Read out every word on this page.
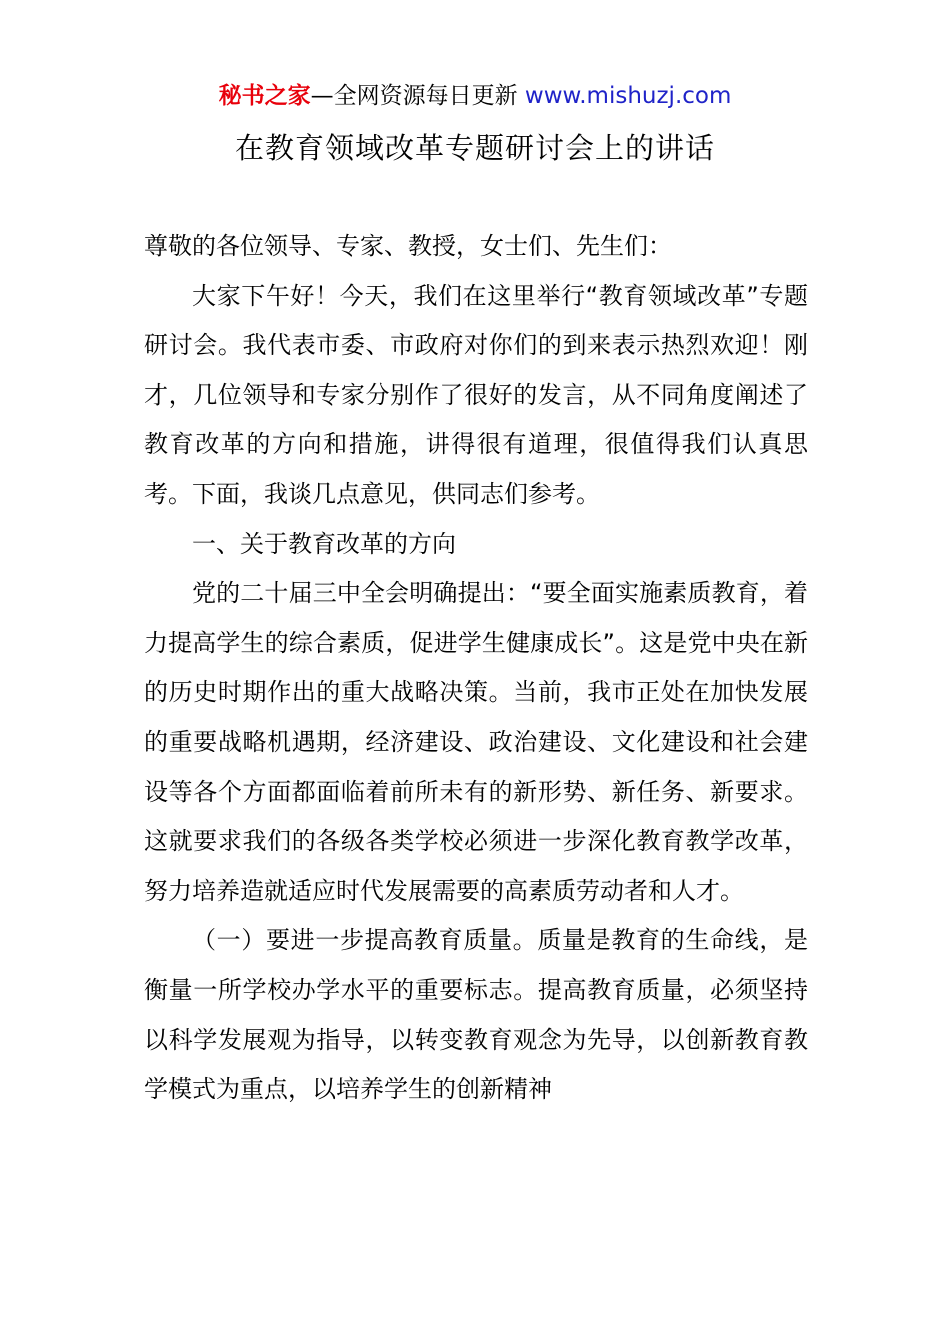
秘书之家—全网资源每日更新 www.mishuzj.com
在教育领域改革专题研讨会上的讲话

尊敬的各位领导、专家、教授，女士们、先生们：

大家下午好！今天，我们在这里举行“教育领域改革”专题研讨会。我代表市委、市政府对你们的到来表示热烈欢迎！刚才，几位领导和专家分别作了很好的发言，从不同角度阐述了教育改革的方向和措施，讲得很有道理，很值得我们认真思考。下面，我谈几点意见，供同志们参考。

一、关于教育改革的方向

党的二十届三中全会明确提出：“要全面实施素质教育，着力提高学生的综合素质，促进学生健康成长”。这是党中央在新的历史时期作出的重大战略决策。当前，我市正处在加快发展的重要战略机遇期，经济建设、政治建设、文化建设和社会建设等各个方面都面临着前所未有的新形势、新任务、新要求。这就要求我们的各级各类学校必须进一步深化教育教学改革，努力培养造就适应时代发展需要的高素质劳动者和人才。

（一）要进一步提高教育质量。质量是教育的生命线，是衡量一所学校办学水平的重要标志。提高教育质量，必须坚持以科学发展观为指导，以转变教育观念为先导，以创新教育教学模式为重点，以培养学生的创新精神
